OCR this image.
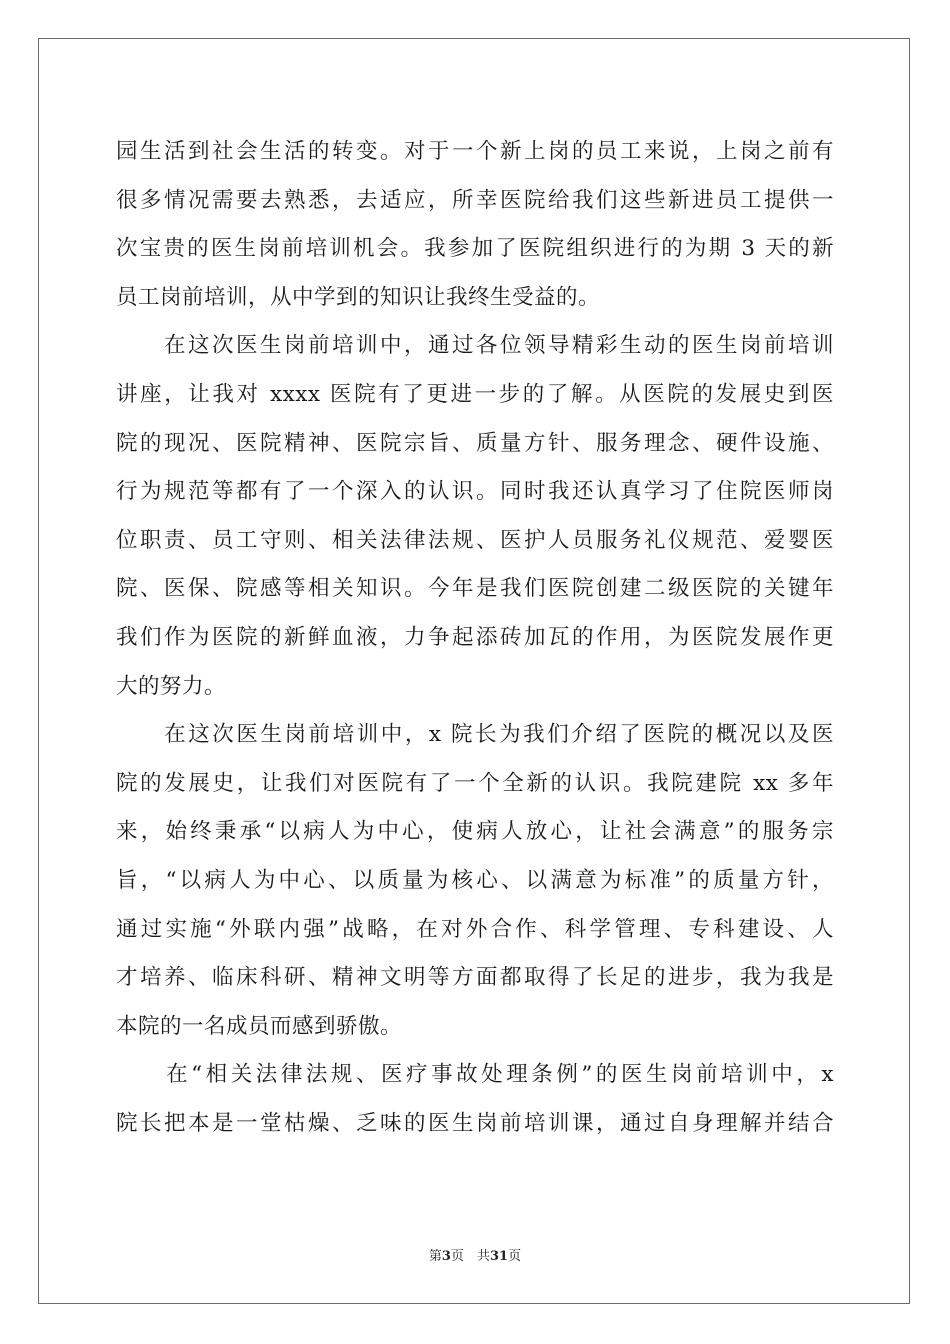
园生活到社会生活的转变。对于一个新上岗的员工来说，上岗之前有
很多情况需要去熟悉，去适应，所幸医院给我们这些新进员工提供一
次宝贵的医生岗前培训机会。我参加了医院组织进行的为期 3 天的新
员工岗前培训，从中学到的知识让我终生受益的。
　　在这次医生岗前培训中，通过各位领导精彩生动的医生岗前培训
讲座，让我对 xxxx 医院有了更进一步的了解。从医院的发展史到医
院的现况、医院精神、医院宗旨、质量方针、服务理念、硬件设施、
行为规范等都有了一个深入的认识。同时我还认真学习了住院医师岗
位职责、员工守则、相关法律法规、医护人员服务礼仪规范、爱婴医
院、医保、院感等相关知识。今年是我们医院创建二级医院的关键年
我们作为医院的新鲜血液，力争起添砖加瓦的作用，为医院发展作更
大的努力。
　　在这次医生岗前培训中，x 院长为我们介绍了医院的概况以及医
院的发展史，让我们对医院有了一个全新的认识。我院建院 xx 多年
来，始终秉承“以病人为中心，使病人放心，让社会满意”的服务宗
旨，“以病人为中心、以质量为核心、以满意为标准”的质量方针，
通过实施“外联内强”战略，在对外合作、科学管理、专科建设、人
才培养、临床科研、精神文明等方面都取得了长足的进步，我为我是
本院的一名成员而感到骄傲。
　　在“相关法律法规、医疗事故处理条例”的医生岗前培训中，x
院长把本是一堂枯燥、乏味的医生岗前培训课，通过自身理解并结合
第3页　共31页
